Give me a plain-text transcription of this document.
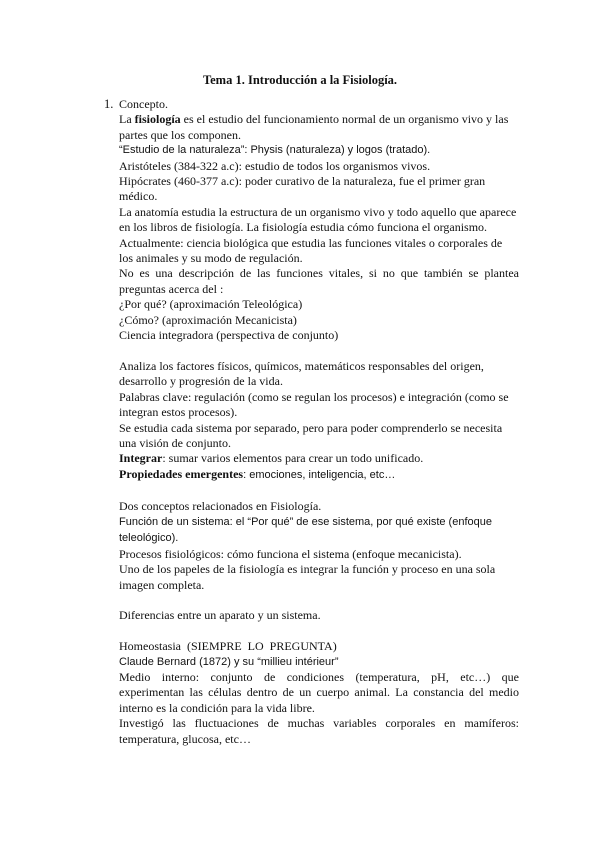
Tema 1. Introducción a la Fisiología.
1. Concepto.

La fisiología es el estudio del funcionamiento normal de un organismo vivo y las partes que los componen.

“Estudio de la naturaleza”: Physis (naturaleza) y logos (tratado).

Aristóteles (384-322 a.c): estudio de todos los organismos vivos.

Hipócrates (460-377 a.c): poder curativo de la naturaleza, fue el primer gran médico.

La anatomía estudia la estructura de un organismo vivo y todo aquello que aparece en los libros de fisiología. La fisiología estudia cómo funciona el organismo.

Actualmente: ciencia biológica que estudia las funciones vitales o corporales de los animales y su modo de regulación.

No es una descripción de las funciones vitales, si no que también se plantea preguntas acerca del :

¿Por qué? (aproximación Teleológica)

¿Cómo? (aproximación Mecanicista)

Ciencia integradora (perspectiva de conjunto)

Analiza los factores físicos, químicos, matemáticos responsables del origen, desarrollo y progresión de la vida.

Palabras clave: regulación (como se regulan los procesos) e integración (como se integran estos procesos).

Se estudia cada sistema por separado, pero para poder comprenderlo se necesita una visión de conjunto.

Integrar: sumar varios elementos para crear un todo unificado.

Propiedades emergentes: emociones, inteligencia, etc…

Dos conceptos relacionados en Fisiología.

Función de un sistema: el “Por qué” de ese sistema, por qué existe (enfoque teleológico).

Procesos fisiológicos: cómo funciona el sistema (enfoque mecanicista).

Uno de los papeles de la fisiología es integrar la función y proceso en una sola imagen completa.

Diferencias entre un aparato y un sistema.

Homeostasia  (SIEMPRE  LO  PREGUNTA)

Claude Bernard (1872) y su “millieu intérieur”

Medio interno: conjunto de condiciones (temperatura, pH, etc…) que experimentan las células dentro de un cuerpo animal. La constancia del medio interno es la condición para la vida libre.

Investigó las fluctuaciones de muchas variables corporales en mamíferos: temperatura, glucosa, etc…
